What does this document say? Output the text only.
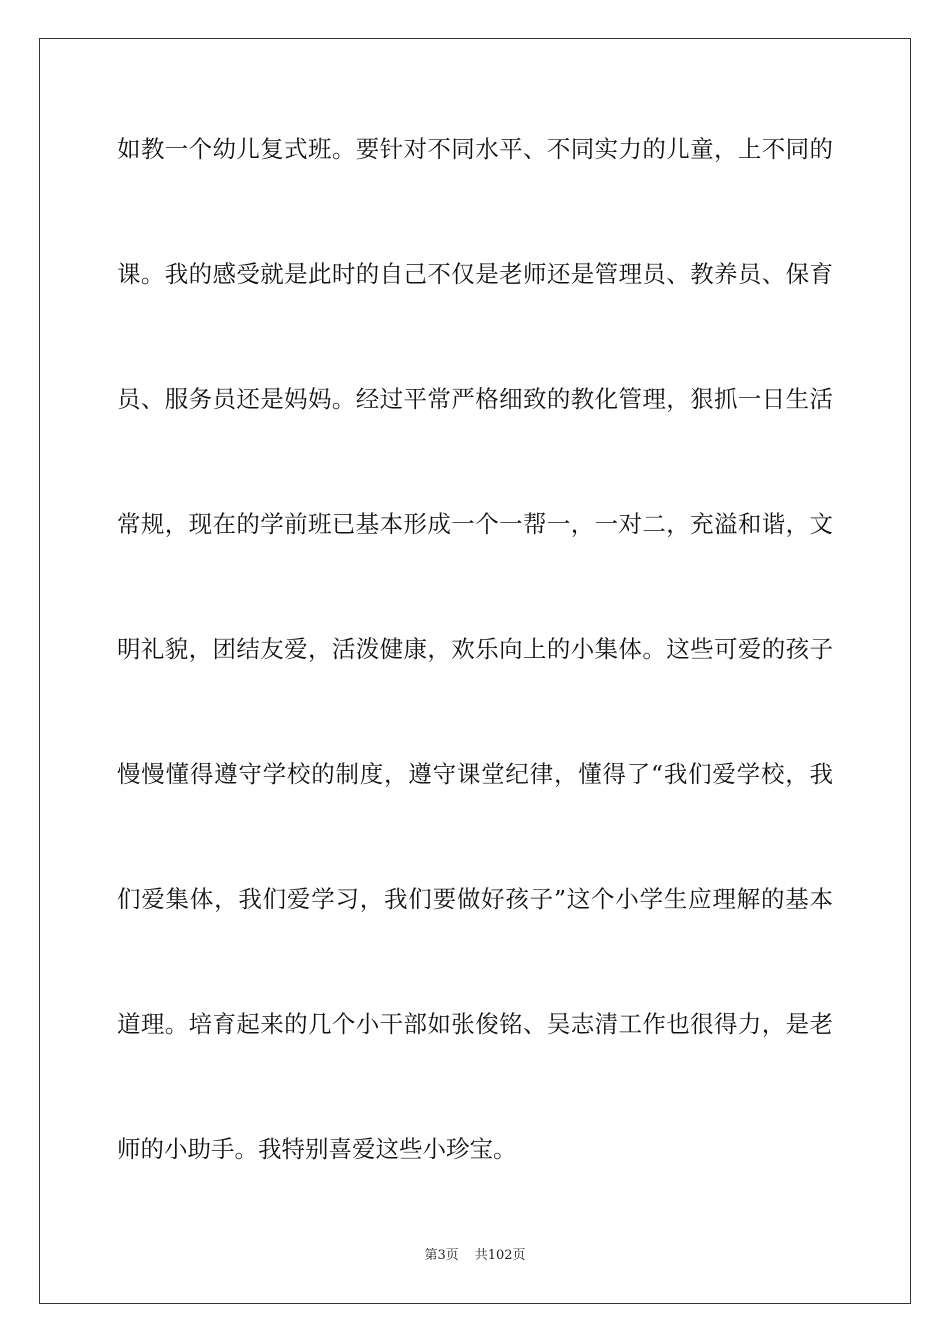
如教一个幼儿复式班。要针对不同水平、不同实力的儿童，上不同的
课。我的感受就是此时的自己不仅是老师还是管理员、教养员、保育
员、服务员还是妈妈。经过平常严格细致的教化管理，狠抓一日生活
常规，现在的学前班已基本形成一个一帮一，一对二，充溢和谐，文
明礼貌，团结友爱，活泼健康，欢乐向上的小集体。这些可爱的孩子
慢慢懂得遵守学校的制度，遵守课堂纪律，懂得了“我们爱学校，我
们爱集体，我们爱学习，我们要做好孩子”这个小学生应理解的基本
道理。培育起来的几个小干部如张俊铭、吴志清工作也很得力，是老
师的小助手。我特别喜爱这些小珍宝。
第3页 共102页
